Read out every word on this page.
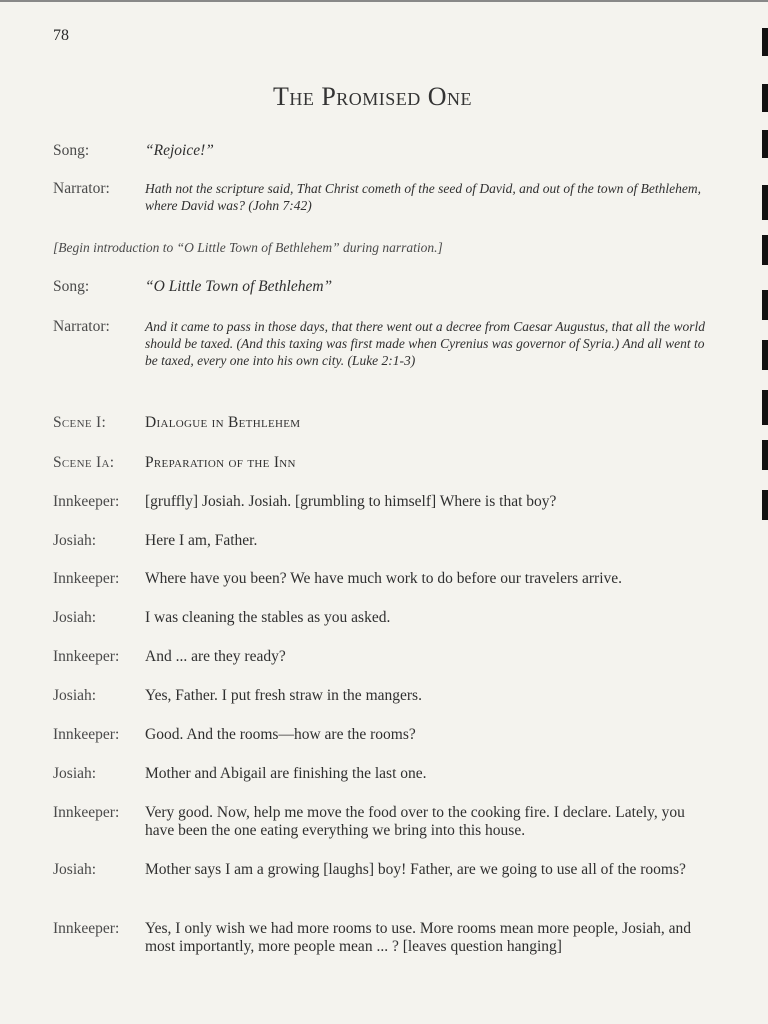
78
The Promised One
Song:	“Rejoice!”
Narrator:	Hath not the scripture said, That Christ cometh of the seed of David, and out of the town of Bethlehem, where David was? (John 7:42)
[Begin introduction to “O Little Town of Bethlehem” during narration.]
Song:	“O Little Town of Bethlehem”
Narrator:	And it came to pass in those days, that there went out a decree from Caesar Augustus, that all the world should be taxed. (And this taxing was first made when Cyrenius was governor of Syria.) And all went to be taxed, every one into his own city. (Luke 2:1-3)
Scene I:	Dialogue in Bethlehem
Scene Ia: Preparation of the Inn
Innkeeper: [gruffly] Josiah. Josiah. [grumbling to himself] Where is that boy?
Josiah:	Here I am, Father.
Innkeeper: Where have you been? We have much work to do before our travelers arrive.
Josiah:	I was cleaning the stables as you asked.
Innkeeper: And ... are they ready?
Josiah:	Yes, Father. I put fresh straw in the mangers.
Innkeeper: Good. And the rooms—how are the rooms?
Josiah:	Mother and Abigail are finishing the last one.
Innkeeper: Very good. Now, help me move the food over to the cooking fire. I declare. Lately, you have been the one eating everything we bring into this house.
Josiah:	Mother says I am a growing [laughs] boy! Father, are we going to use all of the rooms?
Innkeeper: Yes, I only wish we had more rooms to use. More rooms mean more people, Josiah, and most importantly, more people mean ... ? [leaves question hanging]
